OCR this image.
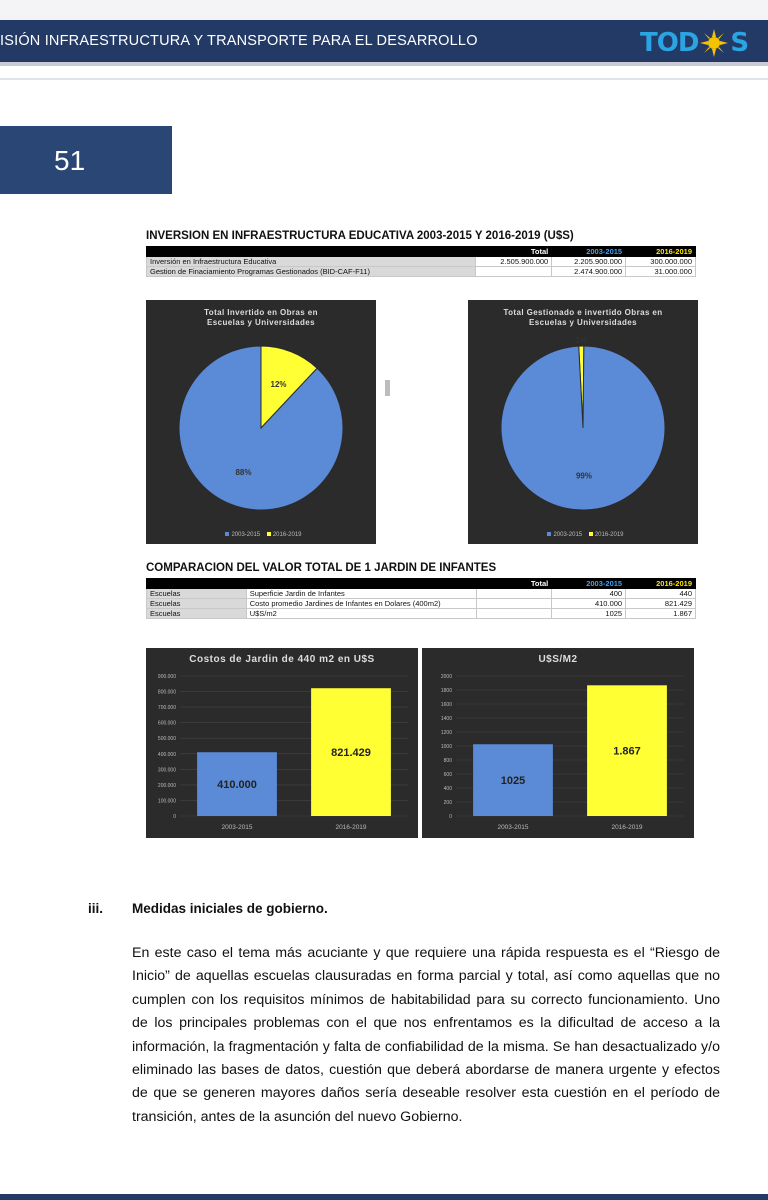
ISIÓN INFRAESTRUCTURA Y TRANSPORTE PARA EL DESARROLLO	TOD S
51
INVERSION EN INFRAESTRUCTURA EDUCATIVA 2003-2015 Y 2016-2019 (U$S)
	Total	2003-2015	2016-2019
Inversión en Infraestructura Educativa	2.505.900.000	2.205.900.000	300.000.000
Gestion de Finaciamiento Programas Gestionados (BID-CAF-F11)		2.474.900.000	31.000.000
Total Invertido en Obras en Escuelas y Universidades
12%
88%
2003-2015 2016-2019
Total Gestionado e invertido Obras en Escuelas y Universidades
1%
99%
2003-2015 2016-2019
COMPARACION DEL VALOR TOTAL DE 1 JARDIN DE INFANTES
		Total	2003-2015	2016-2019
Escuelas	Superficie Jardin de Infantes		400	440
Escuelas	Costo promedio Jardines de Infantes en Dolares (400m2)		410.000	821.429
Escuelas	U$S/m2		1025	1.867
Costos de Jardin de 440 m2 en U$S
0
100.000
200.000
300.000
400.000
500.000
600.000
700.000
800.000
900.000
410.000
2003-2015
821.429
2016-2019
U$S/M2
0
200
400
600
800
1000
1200
1400
1600
1800
2000
1025
2003-2015
1.867
2016-2019
iii. Medidas iniciales de gobierno.
En este caso el tema más acuciante y que requiere una rápida respuesta es el “Riesgo de Inicio” de aquellas escuelas clausuradas en forma parcial y total, así como aquellas que no cumplen con los requisitos mínimos de habitabilidad para su correcto funcionamiento. Uno de los principales problemas con el que nos enfrentamos es la dificultad de acceso a la información, la fragmentación y falta de confiabilidad de la misma. Se han desactualizado y/o eliminado las bases de datos, cuestión que deberá abordarse de manera urgente y efectos de que se generen mayores daños sería deseable resolver esta cuestión en el período de transición, antes de la asunción del nuevo Gobierno.
